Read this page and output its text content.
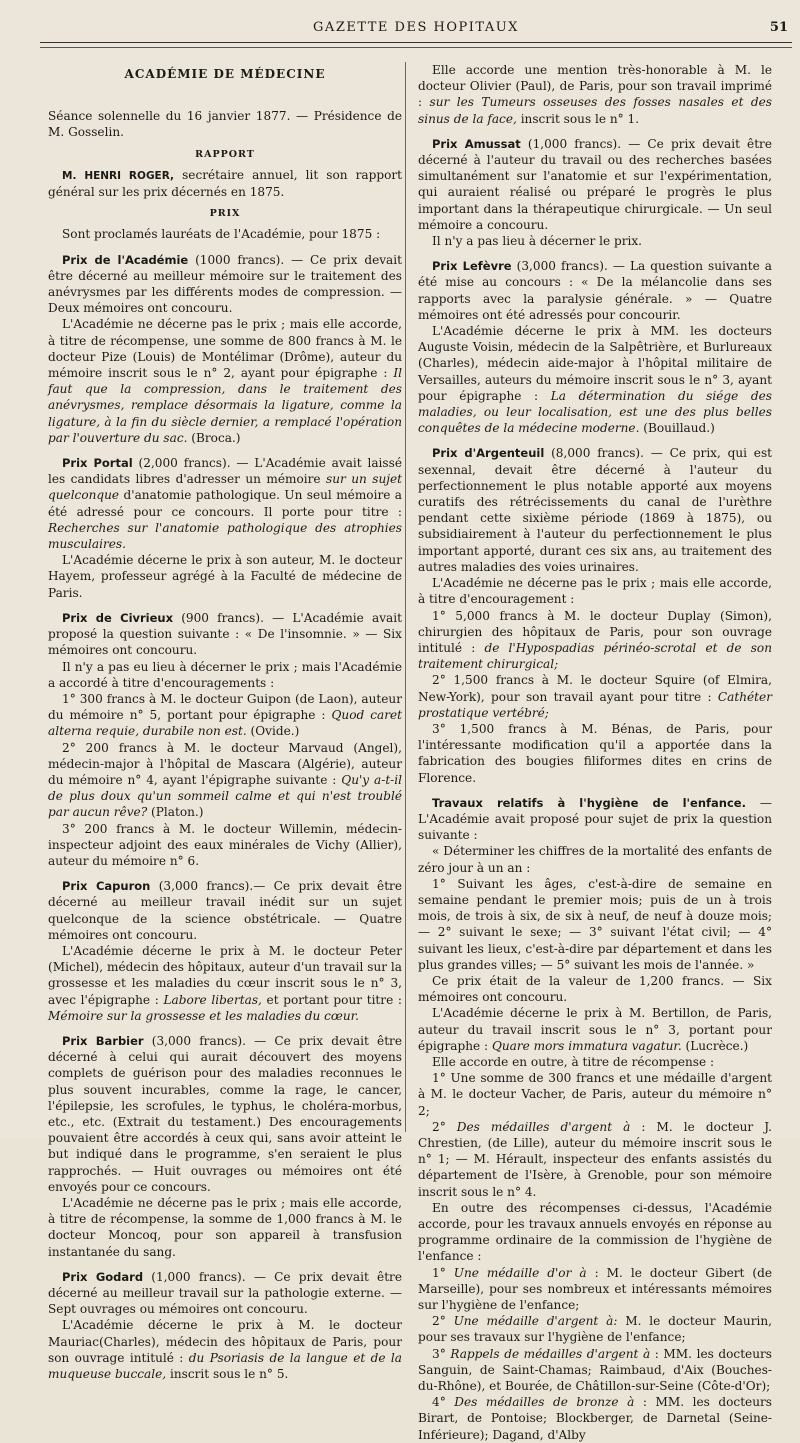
GAZETTE DES HOPITAUX	51
ACADÉMIE DE MÉDECINE

Séance solennelle du 16 janvier 1877. — Présidence de M. Gosselin.

RAPPORT

M. HENRI ROGER, secrétaire annuel, lit son rapport général sur les prix décernés en 1875.

PRIX

Sont proclamés lauréats de l'Académie, pour 1875 :

Prix de l'Académie (1000 francs). — Ce prix devait être décerné au meilleur mémoire sur le traitement des anévrysmes par les différents modes de compression. — Deux mémoires ont concouru.

L'Académie ne décerne pas le prix ; mais elle accorde, à titre de récompense, une somme de 800 francs à M. le docteur Pize (Louis) de Montélimar (Drôme), auteur du mémoire inscrit sous le n° 2, ayant pour épigraphe : Il faut que la compression, dans le traitement des anévrysmes, remplace désormais la ligature, comme la ligature, à la fin du siècle dernier, a remplacé l'opération par l'ouverture du sac. (Broca.)

Prix Portal (2,000 francs). — L'Académie avait laissé les candidats libres d'adresser un mémoire sur un sujet quelconque d'anatomie pathologique. Un seul mémoire a été adressé pour ce concours. Il porte pour titre : Recherches sur l'anatomie pathologique des atrophies musculaires.

L'Académie décerne le prix à son auteur, M. le docteur Hayem, professeur agrégé à la Faculté de médecine de Paris.

Prix de Civrieux (900 francs). — L'Académie avait proposé la question suivante : « De l'insomnie. » — Six mémoires ont concouru.

Il n'y a pas eu lieu à décerner le prix ; mais l'Académie a accordé à titre d'encouragements :

1° 300 francs à M. le docteur Guipon (de Laon), auteur du mémoire n° 5, portant pour épigraphe : Quod caret alterna requie, durabile non est. (Ovide.)

2° 200 francs à M. le docteur Marvaud (Angel), médecin-major à l'hôpital de Mascara (Algérie), auteur du mémoire n° 4, ayant l'épigraphe suivante : Qu'y a-t-il de plus doux qu'un sommeil calme et qui n'est troublé par aucun rêve? (Platon.)

3° 200 francs à M. le docteur Willemin, médecin-inspecteur adjoint des eaux minérales de Vichy (Allier), auteur du mémoire n° 6.

Prix Capuron (3,000 francs).— Ce prix devait être décerné au meilleur travail inédit sur un sujet quelconque de la science obstétricale. — Quatre mémoires ont concouru.

L'Académie décerne le prix à M. le docteur Peter (Michel), médecin des hôpitaux, auteur d'un travail sur la grossesse et les maladies du cœur inscrit sous le n° 3, avec l'épigraphe : Labore libertas, et portant pour titre : Mémoire sur la grossesse et les maladies du cœur.

Prix Barbier (3,000 francs). — Ce prix devait être décerné à celui qui aurait découvert des moyens complets de guérison pour des maladies reconnues le plus souvent incurables, comme la rage, le cancer, l'épilepsie, les scrofules, le typhus, le choléra-morbus, etc., etc. (Extrait du testament.) Des encouragements pouvaient être accordés à ceux qui, sans avoir atteint le but indiqué dans le programme, s'en seraient le plus rapprochés. — Huit ouvrages ou mémoires ont été envoyés pour ce concours.

L'Académie ne décerne pas le prix ; mais elle accorde, à titre de récompense, la somme de 1,000 francs à M. le docteur Moncoq, pour son appareil à transfusion instantanée du sang.

Prix Godard (1,000 francs). — Ce prix devait être décerné au meilleur travail sur la pathologie externe. — Sept ouvrages ou mémoires ont concouru.

L'Académie décerne le prix à M. le docteur Mauriac(Charles), médecin des hôpitaux de Paris, pour son ouvrage intitulé : du Psoriasis de la langue et de la muqueuse buccale, inscrit sous le n° 5.

Elle accorde une mention très-honorable à M. le docteur Olivier (Paul), de Paris, pour son travail imprimé : sur les Tumeurs osseuses des fosses nasales et des sinus de la face, inscrit sous le n° 1.

Prix Amussat (1,000 francs). — Ce prix devait être décerné à l'auteur du travail ou des recherches basées simultanément sur l'anatomie et sur l'expérimentation, qui auraient réalisé ou préparé le progrès le plus important dans la thérapeutique chirurgicale. — Un seul mémoire a concouru.

Il n'y a pas lieu à décerner le prix.

Prix Lefèvre (3,000 francs). — La question suivante a été mise au concours : « De la mélancolie dans ses rapports avec la paralysie générale. » — Quatre mémoires ont été adressés pour concourir.

L'Académie décerne le prix à MM. les docteurs Auguste Voisin, médecin de la Salpêtrière, et Burlureaux (Charles), médecin aide-major à l'hôpital militaire de Versailles, auteurs du mémoire inscrit sous le n° 3, ayant pour épigraphe : La détermination du siége des maladies, ou leur localisation, est une des plus belles conquêtes de la médecine moderne. (Bouillaud.)

Prix d'Argenteuil (8,000 francs). — Ce prix, qui est sexennal, devait être décerné à l'auteur du perfectionnement le plus notable apporté aux moyens curatifs des rétrécissements du canal de l'urèthre pendant cette sixième période (1869 à 1875), ou subsidiairement à l'auteur du perfectionnement le plus important apporté, durant ces six ans, au traitement des autres maladies des voies urinaires.

L'Académie ne décerne pas le prix ; mais elle accorde, à titre d'encouragement :

1° 5,000 francs à M. le docteur Duplay (Simon), chirurgien des hôpitaux de Paris, pour son ouvrage intitulé : de l'Hypospadias périnéo-scrotal et de son traitement chirurgical;

2° 1,500 francs à M. le docteur Squire (of Elmira, New-York), pour son travail ayant pour titre : Cathéter prostatique vertébré;

3° 1,500 francs à M. Bénas, de Paris, pour l'intéressante modification qu'il a apportée dans la fabrication des bougies filiformes dites en crins de Florence.

Travaux relatifs à l'hygiène de l'enfance. — L'Académie avait proposé pour sujet de prix la question suivante :

« Déterminer les chiffres de la mortalité des enfants de zéro jour à un an :

1° Suivant les âges, c'est-à-dire de semaine en semaine pendant le premier mois; puis de un à trois mois, de trois à six, de six à neuf, de neuf à douze mois; — 2° suivant le sexe; — 3° suivant l'état civil; — 4° suivant les lieux, c'est-à-dire par département et dans les plus grandes villes; — 5° suivant les mois de l'année. »

Ce prix était de la valeur de 1,200 francs. — Six mémoires ont concouru.

L'Académie décerne le prix à M. Bertillon, de Paris, auteur du travail inscrit sous le n° 3, portant pour épigraphe : Quare mors immatura vagatur. (Lucrèce.)

Elle accorde en outre, à titre de récompense :

1° Une somme de 300 francs et une médaille d'argent à M. le docteur Vacher, de Paris, auteur du mémoire n° 2;

2° Des médailles d'argent à : M. le docteur J. Chrestien, (de Lille), auteur du mémoire inscrit sous le n° 1; — M. Hérault, inspecteur des enfants assistés du département de l'Isère, à Grenoble, pour son mémoire inscrit sous le n° 4.

En outre des récompenses ci-dessus, l'Académie accorde, pour les travaux annuels envoyés en réponse au programme ordinaire de la commission de l'hygiène de l'enfance :

1° Une médaille d'or à : M. le docteur Gibert (de Marseille), pour ses nombreux et intéressants mémoires sur l'hygiène de l'enfance;

2° Une médaille d'argent à: M. le docteur Maurin, pour ses travaux sur l'hygiène de l'enfance;

3° Rappels de médailles d'argent à : MM. les docteurs Sanguin, de Saint-Chamas; Raimbaud, d'Aix (Bouches-du-Rhône), et Bourée, de Châtillon-sur-Seine (Côte-d'Or);

4° Des médailles de bronze à : MM. les docteurs Birart, de Pontoise; Blockberger, de Darnetal (Seine-Inférieure); Dagand, d'Alby
